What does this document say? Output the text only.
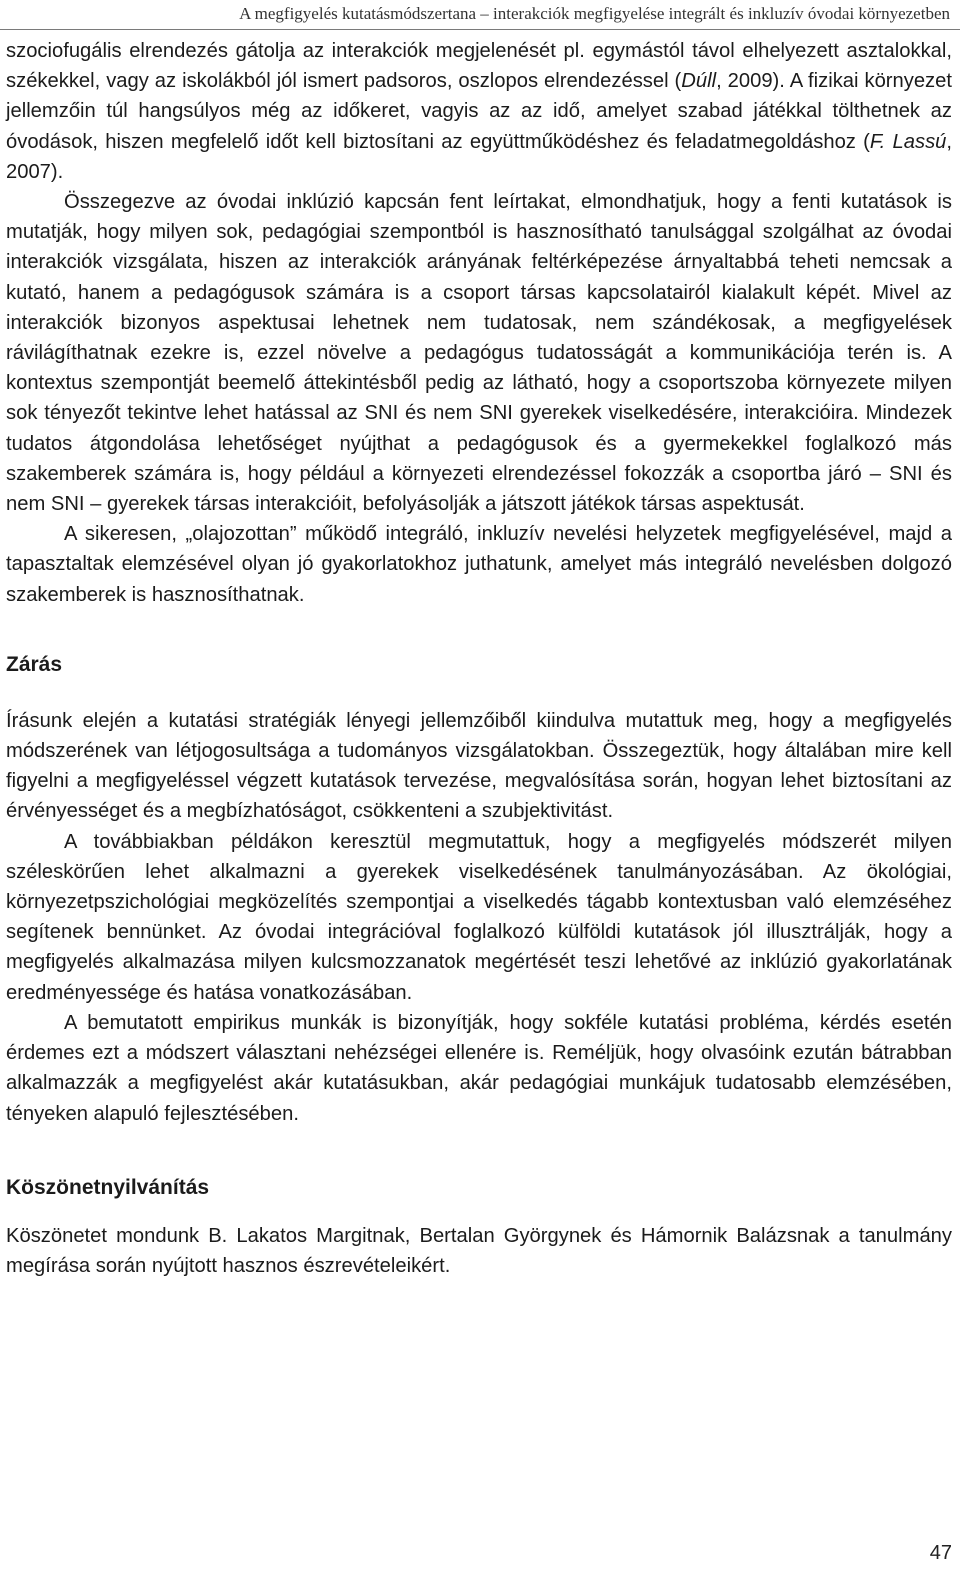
A megfigyelés kutatásmódszertana – interakciók megfigyelése integrált és inkluzív óvodai környezetben

szociofugális elrendezés gátolja az interakciók megjelenését pl. egymástól távol elhelyezett asztalokkal, székekkel, vagy az iskolákból jól ismert padsoros, oszlopos elrendezéssel (Dúll, 2009). A fizikai környezet jellemzőin túl hangsúlyos még az időkeret, vagyis az az idő, amelyet szabad játékkal tölthetnek az óvodások, hiszen megfelelő időt kell biztosítani az együttműködéshez és feladatmegoldáshoz (F. Lassú, 2007).

Összegezve az óvodai inklúzió kapcsán fent leírtakat, elmondhatjuk, hogy a fenti kutatások is mutatják, hogy milyen sok, pedagógiai szempontból is hasznosítható tanulsággal szolgálhat az óvodai interakciók vizsgálata, hiszen az interakciók arányának feltérképezése árnyaltabbá teheti nemcsak a kutató, hanem a pedagógusok számára is a csoport társas kapcsolatairól kialakult képét. Mivel az interakciók bizonyos aspektusai lehetnek nem tudatosak, nem szándékosak, a megfigyelések rávilágíthatnak ezekre is, ezzel növelve a pedagógus tudatosságát a kommunikációja terén is. A kontextus szempontját beemelő áttekintésből pedig az látható, hogy a csoportszoba környezete milyen sok tényezőt tekintve lehet hatással az SNI és nem SNI gyerekek viselkedésére, interakcióira. Mindezek tudatos átgondolása lehetőséget nyújthat a pedagógusok és a gyermekekkel foglalkozó más szakemberek számára is, hogy például a környezeti elrendezéssel fokozzák a csoportba járó – SNI és nem SNI – gyerekek társas interakcióit, befolyásolják a játszott játékok társas aspektusát.

A sikeresen, „olajozottan” működő integráló, inkluzív nevelési helyzetek megfigyelésével, majd a tapasztaltak elemzésével olyan jó gyakorlatokhoz juthatunk, amelyet más integráló nevelésben dolgozó szakemberek is hasznosíthatnak.

Zárás

Írásunk elején a kutatási stratégiák lényegi jellemzőiből kiindulva mutattuk meg, hogy a megfigyelés módszerének van létjogosultsága a tudományos vizsgálatokban. Összegeztük, hogy általában mire kell figyelni a megfigyeléssel végzett kutatások tervezése, megvalósítása során, hogyan lehet biztosítani az érvényességet és a megbízhatóságot, csökkenteni a szubjektivitást.

A továbbiakban példákon keresztül megmutattuk, hogy a megfigyelés módszerét milyen széleskörűen lehet alkalmazni a gyerekek viselkedésének tanulmányozásában. Az ökológiai, környezetpszichológiai megközelítés szempontjai a viselkedés tágabb kontextusban való elemzéséhez segítenek bennünket. Az óvodai integrációval foglalkozó külföldi kutatások jól illusztrálják, hogy a megfigyelés alkalmazása milyen kulcsmozzanatok megértését teszi lehetővé az inklúzió gyakorlatának eredményessége és hatása vonatkozásában.

A bemutatott empirikus munkák is bizonyítják, hogy sokféle kutatási probléma, kérdés esetén érdemes ezt a módszert választani nehézségei ellenére is. Reméljük, hogy olvasóink ezután bátrabban alkalmazzák a megfigyelést akár kutatásukban, akár pedagógiai munkájuk tudatosabb elemzésében, tényeken alapuló fejlesztésében.

Köszönetnyilvánítás

Köszönetet mondunk B. Lakatos Margitnak, Bertalan Györgynek és Hámornik Balázsnak a tanulmány megírása során nyújtott hasznos észrevételeikért.

47
